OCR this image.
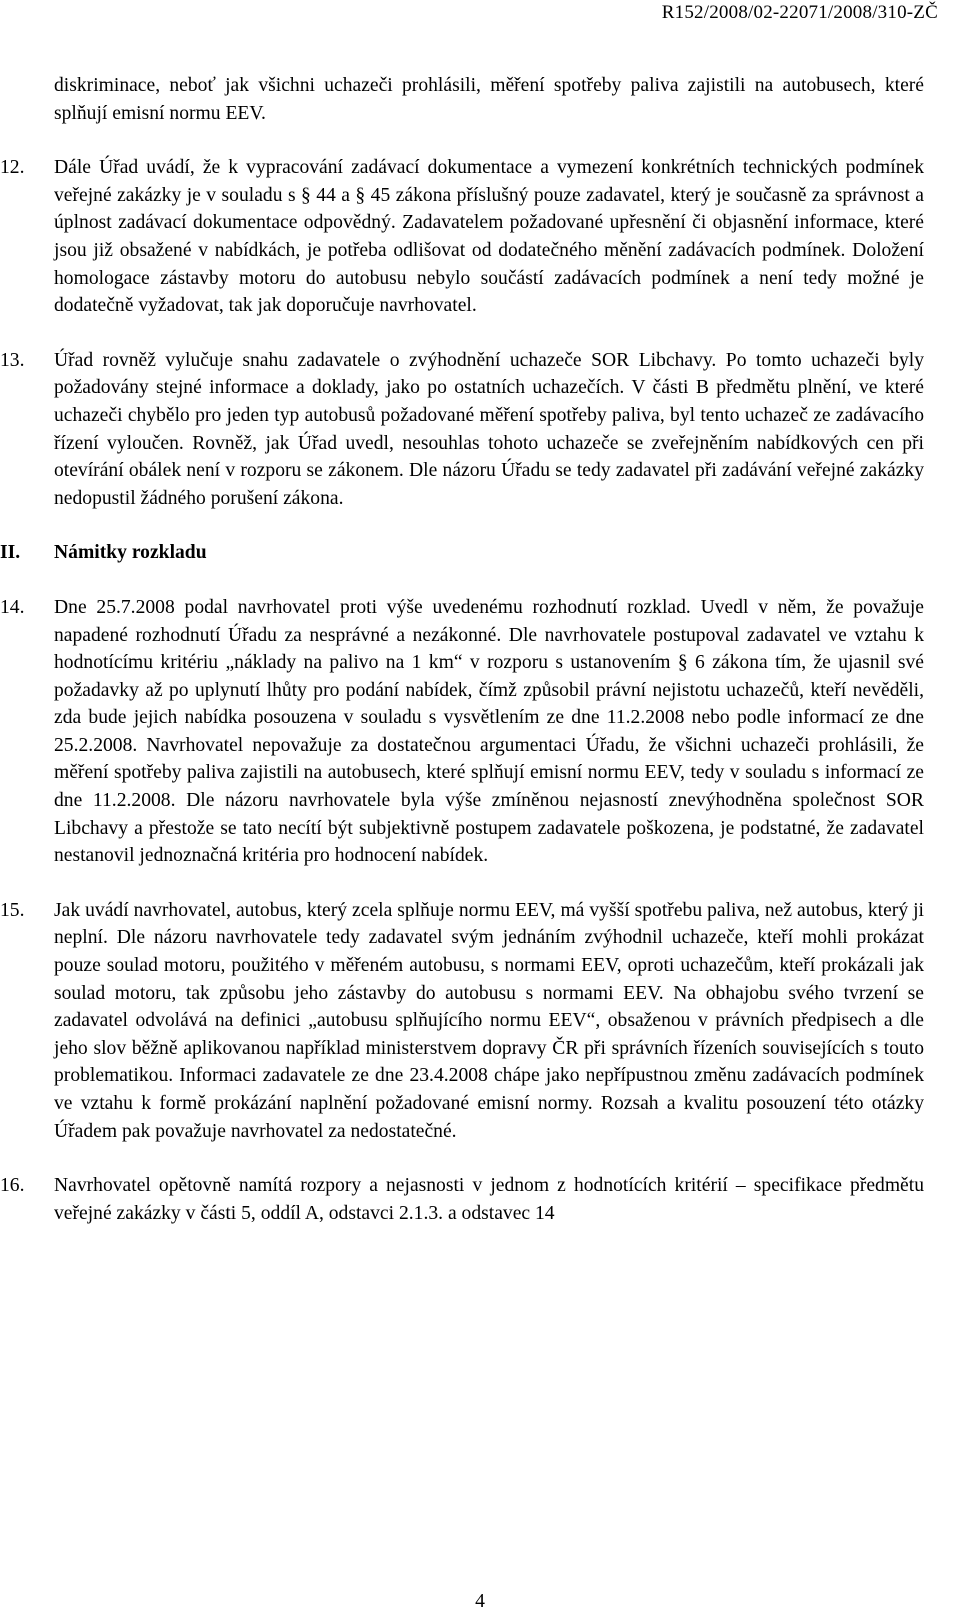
R152/2008/02-22071/2008/310-ZČ

diskriminace, neboť jak všichni uchazeči prohlásili, měření spotřeby paliva zajistili na autobusech, které splňují emisní normu EEV.

12.	Dále Úřad uvádí, že k vypracování zadávací dokumentace a vymezení konkrétních technických podmínek veřejné zakázky je v souladu s § 44 a § 45 zákona příslušný pouze zadavatel, který je současně za správnost a úplnost zadávací dokumentace odpovědný. Zadavatelem požadované upřesnění či objasnění informace, které jsou již obsažené v nabídkách, je potřeba odlišovat od dodatečného měnění zadávacích podmínek. Doložení homologace zástavby motoru do autobusu nebylo součástí zadávacích podmínek a není tedy možné je dodatečně vyžadovat, tak jak doporučuje navrhovatel.

13.	Úřad rovněž vylučuje snahu zadavatele o zvýhodnění uchazeče SOR Libchavy. Po tomto uchazeči byly požadovány stejné informace a doklady, jako po ostatních uchazečích. V části B předmětu plnění, ve které uchazeči chybělo pro jeden typ autobusů požadované měření spotřeby paliva, byl tento uchazeč ze zadávacího řízení vyloučen. Rovněž, jak Úřad uvedl, nesouhlas tohoto uchazeče se zveřejněním nabídkových cen při otevírání obálek není v rozporu se zákonem. Dle názoru Úřadu se tedy zadavatel při zadávání veřejné zakázky nedopustil žádného porušení zákona.

II.	Námitky rozkladu

14.	Dne 25.7.2008 podal navrhovatel proti výše uvedenému rozhodnutí rozklad. Uvedl v něm, že považuje napadené rozhodnutí Úřadu za nesprávné a nezákonné. Dle navrhovatele postupoval zadavatel ve vztahu k hodnotícímu kritériu „náklady na palivo na 1 km“ v rozporu s ustanovením § 6 zákona tím, že ujasnil své požadavky až po uplynutí lhůty pro podání nabídek, čímž způsobil právní nejistotu uchazečů, kteří nevěděli, zda bude jejich nabídka posouzena v souladu s vysvětlením ze dne 11.2.2008 nebo podle informací ze dne 25.2.2008. Navrhovatel nepovažuje za dostatečnou argumentaci Úřadu, že všichni uchazeči prohlásili, že měření spotřeby paliva zajistili na autobusech, které splňují emisní normu EEV, tedy v souladu s informací ze dne 11.2.2008. Dle názoru navrhovatele byla výše zmíněnou nejasností znevýhodněna společnost SOR Libchavy a přestože se tato necítí být subjektivně postupem zadavatele poškozena, je podstatné, že zadavatel nestanovil jednoznačná kritéria pro hodnocení nabídek.

15.	Jak uvádí navrhovatel, autobus, který zcela splňuje normu EEV, má vyšší spotřebu paliva, než autobus, který ji neplní. Dle názoru navrhovatele tedy zadavatel svým jednáním zvýhodnil uchazeče, kteří mohli prokázat pouze soulad motoru, použitého v měřeném autobusu, s normami EEV, oproti uchazečům, kteří prokázali jak soulad motoru, tak způsobu jeho zástavby do autobusu s normami EEV. Na obhajobu svého tvrzení se zadavatel odvolává na definici „autobusu splňujícího normu EEV“, obsaženou v právních předpisech a dle jeho slov běžně aplikovanou například ministerstvem dopravy ČR při správních řízeních souvisejících s touto problematikou. Informaci zadavatele ze dne 23.4.2008 chápe jako nepřípustnou změnu zadávacích podmínek ve vztahu k formě prokázání naplnění požadované emisní normy. Rozsah a kvalitu posouzení této otázky Úřadem pak považuje navrhovatel za nedostatečné.

16.	Navrhovatel opětovně namítá rozpory a nejasnosti v jednom z hodnotících kritérií – specifikace předmětu veřejné zakázky v části 5, oddíl A, odstavci 2.1.3. a odstavec 14

4
